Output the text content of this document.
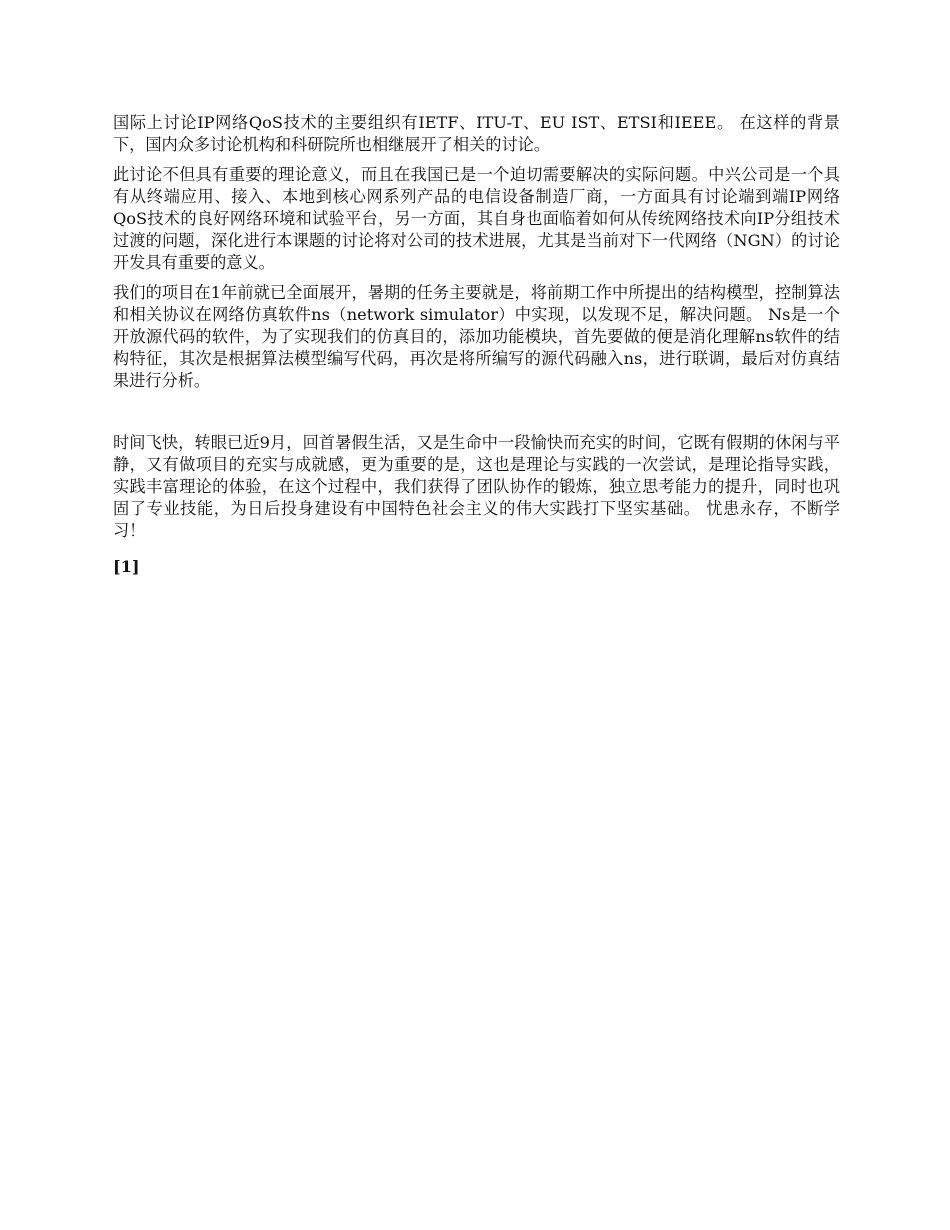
国际上讨论IP网络QoS技术的主要组织有IETF、ITU-T、EU IST、ETSI和IEEE。 在这样的背景下，国内众多讨论机构和科研院所也相继展开了相关的讨论。

此讨论不但具有重要的理论意义，而且在我国已是一个迫切需要解决的实际问题。中兴公司是一个具有从终端应用、接入、本地到核心网系列产品的电信设备制造厂商，一方面具有讨论端到端IP网络QoS技术的良好网络环境和试验平台，另一方面，其自身也面临着如何从传统网络技术向IP分组技术过渡的问题，深化进行本课题的讨论将对公司的技术进展，尤其是当前对下一代网络（NGN）的讨论开发具有重要的意义。

我们的项目在1年前就已全面展开，暑期的任务主要就是，将前期工作中所提出的结构模型，控制算法和相关协议在网络仿真软件ns（network simulator）中实现，以发现不足，解决问题。 Ns是一个开放源代码的软件，为了实现我们的仿真目的，添加功能模块，首先要做的便是消化理解ns软件的结构特征，其次是根据算法模型编写代码，再次是将所编写的源代码融入ns，进行联调，最后对仿真结果进行分析。

时间飞快，转眼已近9月，回首暑假生活，又是生命中一段愉快而充实的时间，它既有假期的休闲与平静，又有做项目的充实与成就感，更为重要的是，这也是理论与实践的一次尝试，是理论指导实践，实践丰富理论的体验，在这个过程中，我们获得了团队协作的锻炼，独立思考能力的提升，同时也巩固了专业技能，为日后投身建设有中国特色社会主义的伟大实践打下坚实基础。 忧患永存，不断学习！

[1]
